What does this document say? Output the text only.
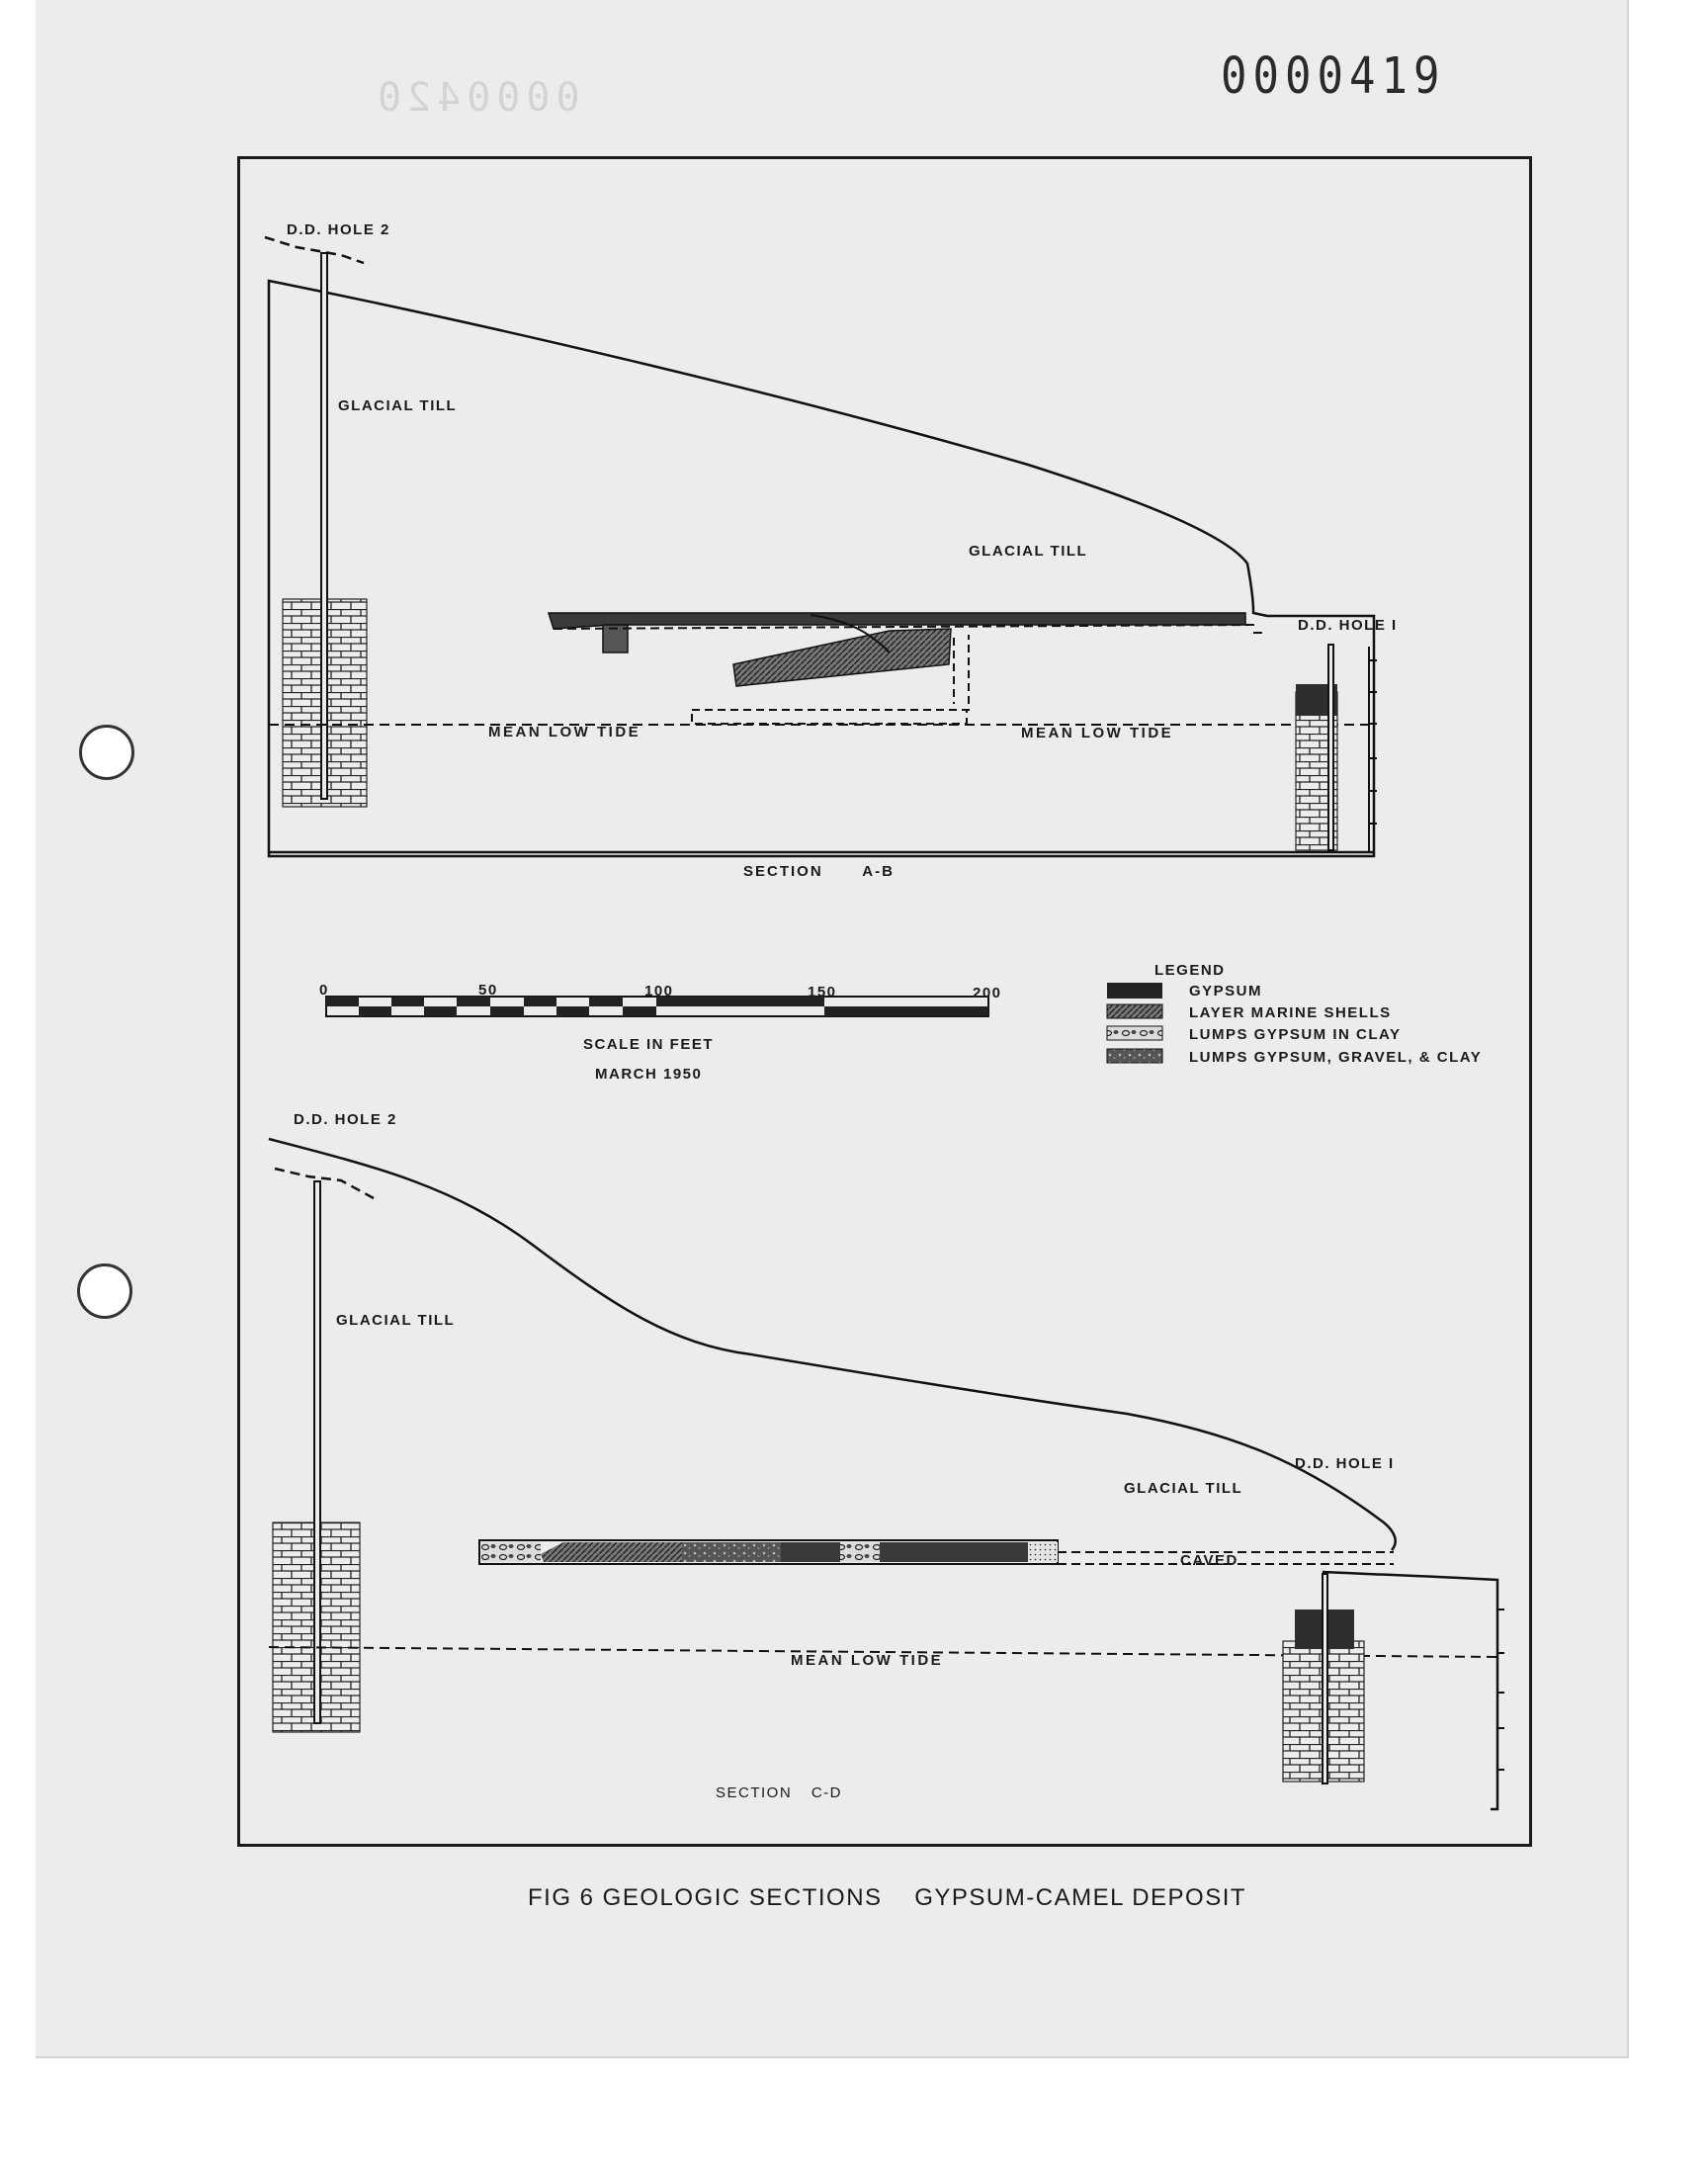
0000419
0000420
D.D. HOLE 2
GLACIAL TILL
GLACIAL TILL
D.D. HOLE I
MEAN LOW TIDE	MEAN LOW TIDE
SECTION A-B
0	50	100	150	200
SCALE IN FEET
MARCH 1950
LEGEND
GYPSUM
LAYER MARINE SHELLS
LUMPS GYPSUM IN CLAY
LUMPS GYPSUM, GRAVEL, & CLAY
D.D. HOLE 2
GLACIAL TILL
D.D. HOLE I
GLACIAL TILL
CAVED
MEAN LOW TIDE
SECTION C-D
FIG 6 GEOLOGIC SECTIONS    GYPSUM-CAMEL DEPOSIT
